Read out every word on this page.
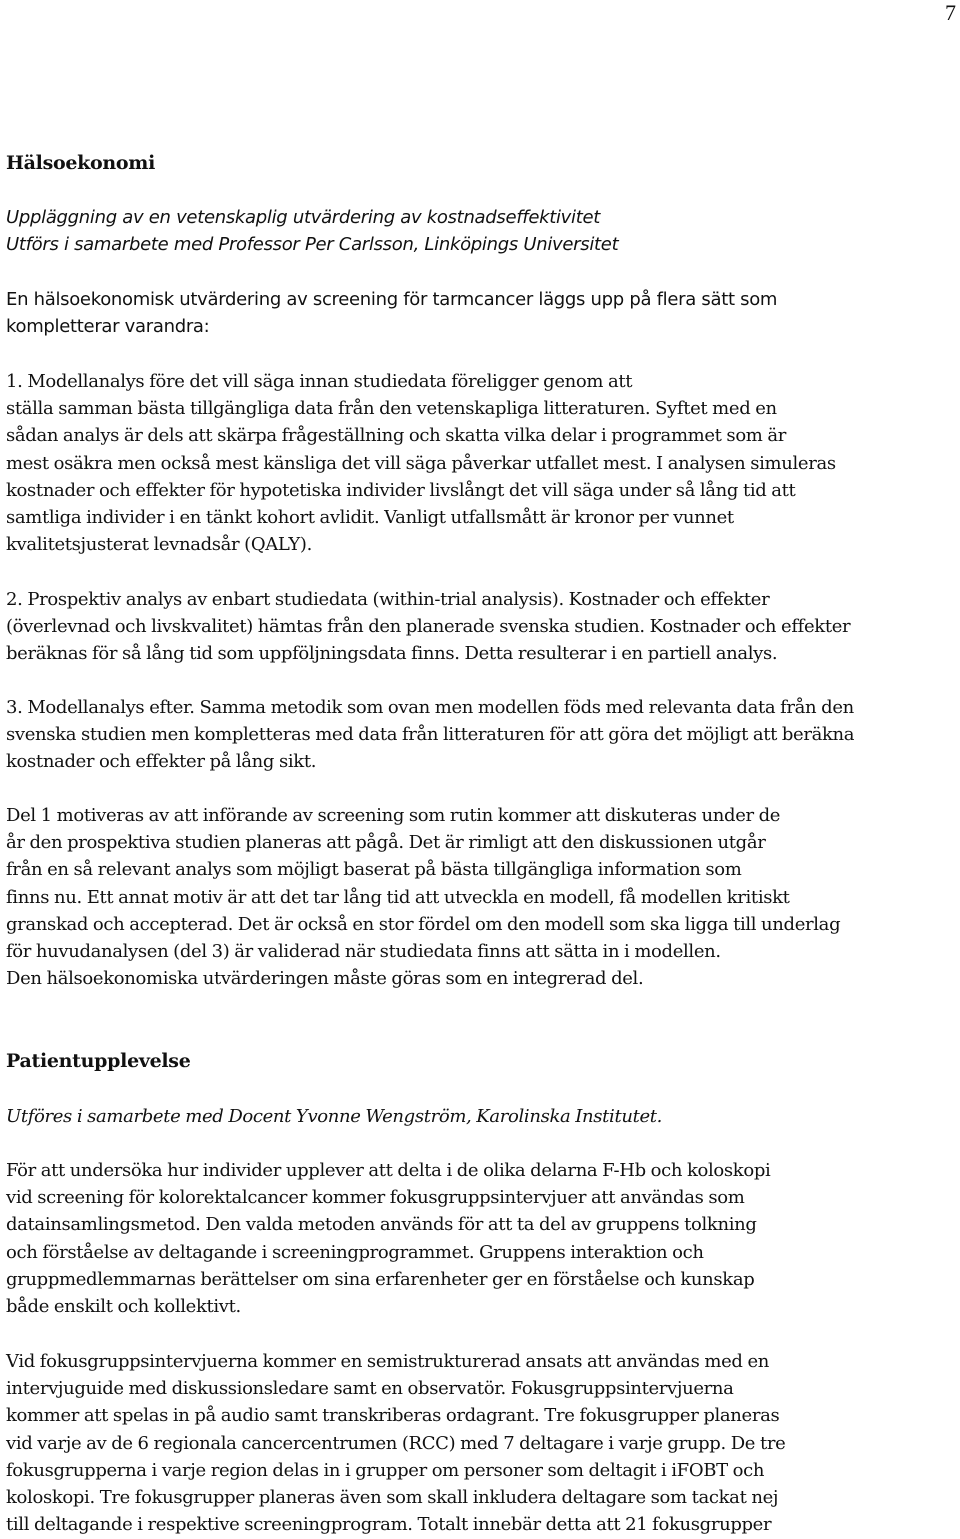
7
Hälsoekonomi
Uppläggning av en vetenskaplig utvärdering av kostnadseffektivitet
Utförs i samarbete med Professor Per Carlsson, Linköpings Universitet
En hälsoekonomisk utvärdering av screening för tarmcancer läggs upp på flera sätt som
kompletterar varandra:
1. Modellanalys före det vill säga innan studiedata föreligger genom att
ställa samman bästa tillgängliga data från den vetenskapliga litteraturen. Syftet med en
sådan analys är dels att skärpa frågeställning och skatta vilka delar i programmet som är
mest osäkra men också mest känsliga det vill säga påverkar utfallet mest. I analysen simuleras
kostnader och effekter för hypotetiska individer livslångt det vill säga under så lång tid att
samtliga individer i en tänkt kohort avlidit. Vanligt utfallsmått är kronor per vunnet
kvalitetsjusterat levnadsår (QALY).
2. Prospektiv analys av enbart studiedata (within-trial analysis). Kostnader och effekter
(överlevnad och livskvalitet) hämtas från den planerade svenska studien. Kostnader och effekter
beräknas för så lång tid som uppföljningsdata finns. Detta resulterar i en partiell analys.
3. Modellanalys efter. Samma metodik som ovan men modellen föds med relevanta data från den
svenska studien men kompletteras med data från litteraturen för att göra det möjligt att beräkna
kostnader och effekter på lång sikt.
Del 1 motiveras av att införande av screening som rutin kommer att diskuteras under de
år den prospektiva studien planeras att pågå. Det är rimligt att den diskussionen utgår
från en så relevant analys som möjligt baserat på bästa tillgängliga information som
finns nu. Ett annat motiv är att det tar lång tid att utveckla en modell, få modellen kritiskt
granskad och accepterad. Det är också en stor fördel om den modell som ska ligga till underlag
för huvudanalysen (del 3) är validerad när studiedata finns att sätta in i modellen.
Den hälsoekonomiska utvärderingen måste göras som en integrerad del.
Patientupplevelse
Utföres i samarbete med Docent Yvonne Wengström, Karolinska Institutet.
För att undersöka hur individer upplever att delta i de olika delarna F-Hb och koloskopi
vid screening för kolorektalcancer kommer fokusgruppsintervjuer att användas som
datainsamlingsmetod. Den valda metoden används för att ta del av gruppens tolkning
och förståelse av deltagande i screeningprogrammet. Gruppens interaktion och
gruppmedlemmarnas berättelser om sina erfarenheter ger en förståelse och kunskap
både enskilt och kollektivt.
Vid fokusgruppsintervjuerna kommer en semistrukturerad ansats att användas med en
intervjuguide med diskussionsledare samt en observatör. Fokusgruppsintervjuerna
kommer att spelas in på audio samt transkriberas ordagrant. Tre fokusgrupper planeras
vid varje av de 6 regionala cancercentrumen (RCC) med 7 deltagare i varje grupp. De tre
fokusgrupperna i varje region delas in i grupper om personer som deltagit i iFOBT och
koloskopi. Tre fokusgrupper planeras även som skall inkludera deltagare som tackat nej
till deltagande i respektive screeningprogram. Totalt innebär detta att 21 fokusgrupper
